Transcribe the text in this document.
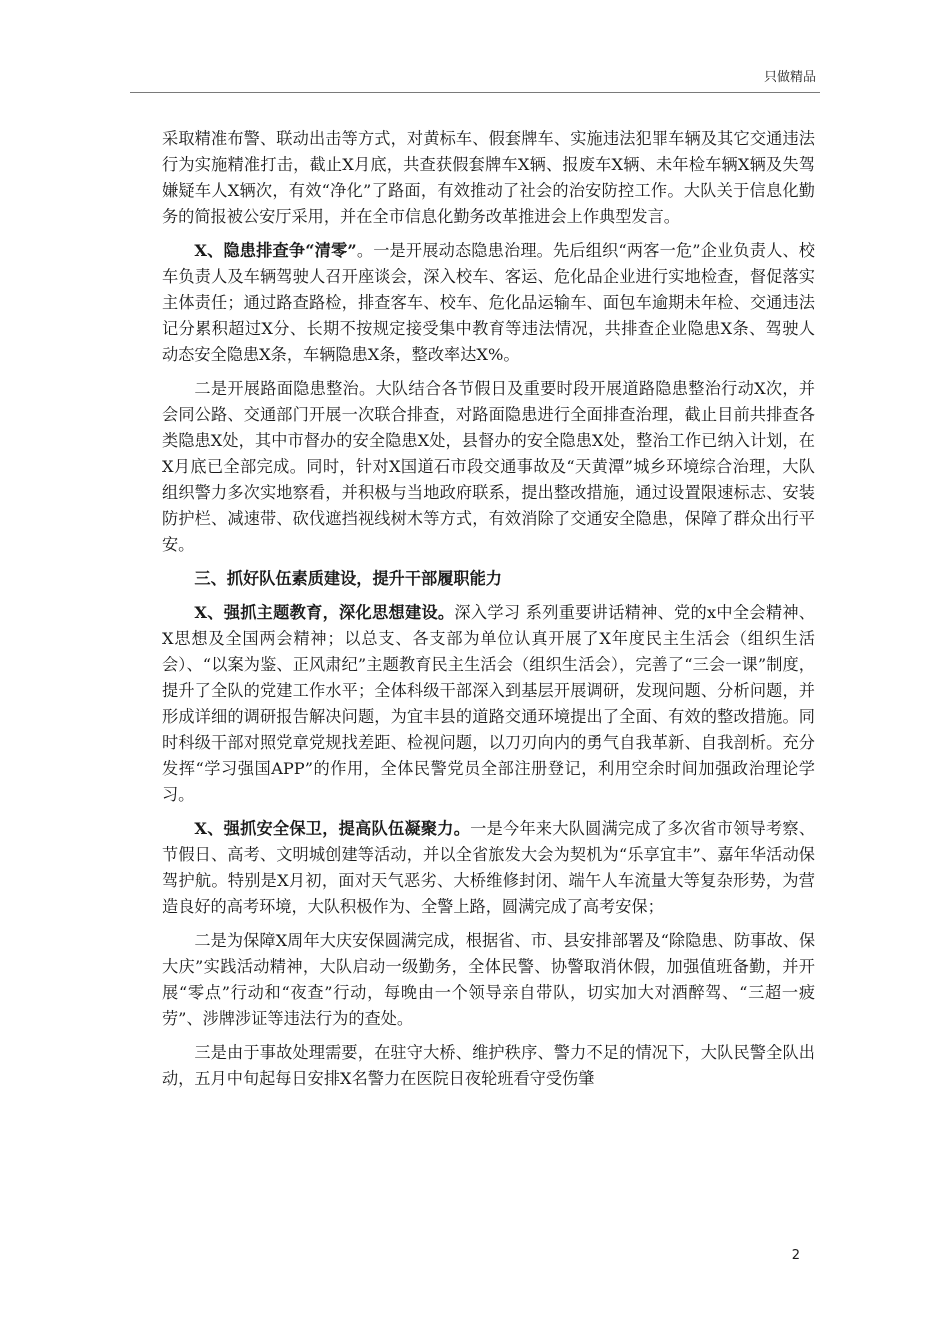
只做精品

采取精准布警、联动出击等方式，对黄标车、假套牌车、实施违法犯罪车辆及其它交通违法行为实施精准打击，截止X月底，共查获假套牌车X辆、报废车X辆、未年检车辆X辆及失驾嫌疑车人X辆次，有效“净化”了路面，有效推动了社会的治安防控工作。大队关于信息化勤务的简报被公安厅采用，并在全市信息化勤务改革推进会上作典型发言。

X、隐患排查争“清零”。一是开展动态隐患治理。先后组织“两客一危”企业负责人、校车负责人及车辆驾驶人召开座谈会，深入校车、客运、危化品企业进行实地检查，督促落实主体责任；通过路查路检，排查客车、校车、危化品运输车、面包车逾期未年检、交通违法记分累积超过X分、长期不按规定接受集中教育等违法情况，共排查企业隐患X条、驾驶人动态安全隐患X条，车辆隐患X条，整改率达X%。

二是开展路面隐患整治。大队结合各节假日及重要时段开展道路隐患整治行动X次，并会同公路、交通部门开展一次联合排查，对路面隐患进行全面排查治理，截止目前共排查各类隐患X处，其中市督办的安全隐患X处，县督办的安全隐患X处，整治工作已纳入计划，在X月底已全部完成。同时，针对X国道石市段交通事故及“天黄潭”城乡环境综合治理，大队组织警力多次实地察看，并积极与当地政府联系，提出整改措施，通过设置限速标志、安装防护栏、减速带、砍伐遮挡视线树木等方式，有效消除了交通安全隐患，保障了群众出行平安。

三、抓好队伍素质建设，提升干部履职能力

X、强抓主题教育，深化思想建设。深入学习 系列重要讲话精神、党的x中全会精神、X思想及全国两会精神；以总支、各支部为单位认真开展了X年度民主生活会（组织生活会）、“以案为鉴、正风肃纪”主题教育民主生活会（组织生活会），完善了“三会一课”制度，提升了全队的党建工作水平；全体科级干部深入到基层开展调研，发现问题、分析问题，并形成详细的调研报告解决问题，为宜丰县的道路交通环境提出了全面、有效的整改措施。同时科级干部对照党章党规找差距、检视问题，以刀刃向内的勇气自我革新、自我剖析。充分发挥“学习强国APP”的作用，全体民警党员全部注册登记，利用空余时间加强政治理论学习。

X、强抓安全保卫，提高队伍凝聚力。一是今年来大队圆满完成了多次省市领导考察、节假日、高考、文明城创建等活动，并以全省旅发大会为契机为“乐享宜丰”、嘉年华活动保驾护航。特别是X月初，面对天气恶劣、大桥维修封闭、端午人车流量大等复杂形势，为营造良好的高考环境，大队积极作为、全警上路，圆满完成了高考安保；

二是为保障X周年大庆安保圆满完成，根据省、市、县安排部署及“除隐患、防事故、保大庆”实践活动精神，大队启动一级勤务，全体民警、协警取消休假，加强值班备勤，并开展“零点”行动和“夜查”行动，每晚由一个领导亲自带队，切实加大对酒醉驾、“三超一疲劳”、涉牌涉证等违法行为的查处。

三是由于事故处理需要，在驻守大桥、维护秩序、警力不足的情况下，大队民警全队出动，五月中旬起每日安排X名警力在医院日夜轮班看守受伤肇

2
